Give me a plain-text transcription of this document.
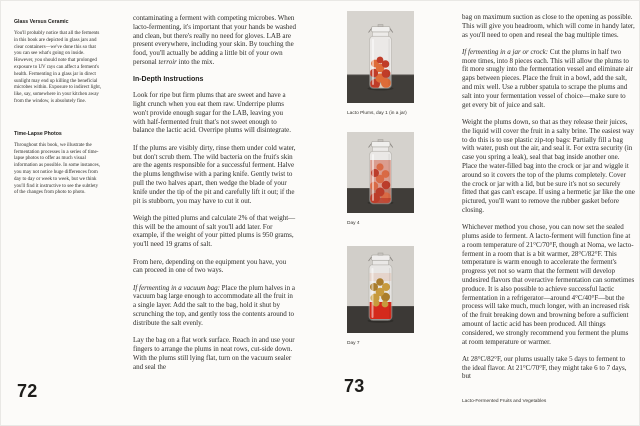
Glass Versus Ceramic

You'll probably notice that all the ferments in this book are depicted in glass jars and clear containers—we've done this so that you can see what's going on inside. However, you should note that prolonged exposure to UV rays can affect a ferment's health. Fermenting in a glass jar in direct sunlight may end up killing the beneficial microbes within. Exposure to indirect light, like, say, somewhere in your kitchen away from the window, is absolutely fine.

Time-Lapse Photos

Throughout this book, we illustrate the fermentation processes in a series of time-lapse photos to offer as much visual information as possible. In some instances, you may not notice huge differences from day to day or week to week, but we think you'll find it instructive to see the subtlety of the changes from photo to photo.

contaminating a ferment with competing microbes. When lacto-fermenting, it's important that your hands be washed and clean, but there's really no need for gloves. LAB are present everywhere, including your skin. By touching the food, you'll actually be adding a little bit of your own personal terroir into the mix.

In-Depth Instructions

Look for ripe but firm plums that are sweet and have a light crunch when you eat them raw. Underripe plums won't provide enough sugar for the LAB, leaving you with half-fermented fruit that's not sweet enough to balance the lactic acid. Overripe plums will disintegrate.

If the plums are visibly dirty, rinse them under cold water, but don't scrub them. The wild bacteria on the fruit's skin are the agents responsible for a successful ferment. Halve the plums lengthwise with a paring knife. Gently twist to pull the two halves apart, then wedge the blade of your knife under the tip of the pit and carefully lift it out; if the pit is stubborn, you may have to cut it out.

Weigh the pitted plums and calculate 2% of that weight—this will be the amount of salt you'll add later. For example, if the weight of your pitted plums is 950 grams, you'll need 19 grams of salt.

From here, depending on the equipment you have, you can proceed in one of two ways.

If fermenting in a vacuum bag: Place the plum halves in a vacuum bag large enough to accommodate all the fruit in a single layer. Add the salt to the bag, hold it shut by scrunching the top, and gently toss the contents around to distribute the salt evenly.

Lay the bag on a flat work surface. Reach in and use your fingers to arrange the plums in neat rows, cut-side down. With the plums still lying flat, turn on the vacuum sealer and seal the

72
Lacto Plums, day 1 (in a jar)
Day 4
Day 7

bag on maximum suction as close to the opening as possible. This will give you headroom, which will come in handy later, as you'll need to open and reseal the bag multiple times.

If fermenting in a jar or crock: Cut the plums in half two more times, into 8 pieces each. This will allow the plums to fit more snugly into the fermentation vessel and eliminate air gaps between pieces. Place the fruit in a bowl, add the salt, and mix well. Use a rubber spatula to scrape the plums and salt into your fermentation vessel of choice—make sure to get every bit of juice and salt.

Weight the plums down, so that as they release their juices, the liquid will cover the fruit in a salty brine. The easiest way to do this is to use plastic zip-top bags: Partially fill a bag with water, push out the air, and seal it. For extra security (in case you spring a leak), seal that bag inside another one. Place the water-filled bag into the crock or jar and wiggle it around so it covers the top of the plums completely. Cover the crock or jar with a lid, but be sure it's not so securely fitted that gas can't escape. If using a hermetic jar like the one pictured, you'll want to remove the rubber gasket before closing.

Whichever method you chose, you can now set the sealed plums aside to ferment. A lacto-ferment will function fine at a room temperature of 21°C/70°F, though at Noma, we lacto-ferment in a room that is a bit warmer, 28°C/82°F. This temperature is warm enough to accelerate the ferment's progress yet not so warm that the ferment will develop undesired flavors that overactive fermentation can sometimes produce. It is also possible to achieve successful lactic fermentation in a refrigerator—around 4°C/40°F—but the process will take much, much longer, with an increased risk of the fruit breaking down and browning before a sufficient amount of lactic acid has been produced. All things considered, we strongly recommend you ferment the plums at room temperature or warmer.

At 28°C/82°F, our plums usually take 5 days to ferment to the ideal flavor. At 21°C/70°F, they might take 6 to 7 days, but

73
Lacto-Fermented Fruits and Vegetables
